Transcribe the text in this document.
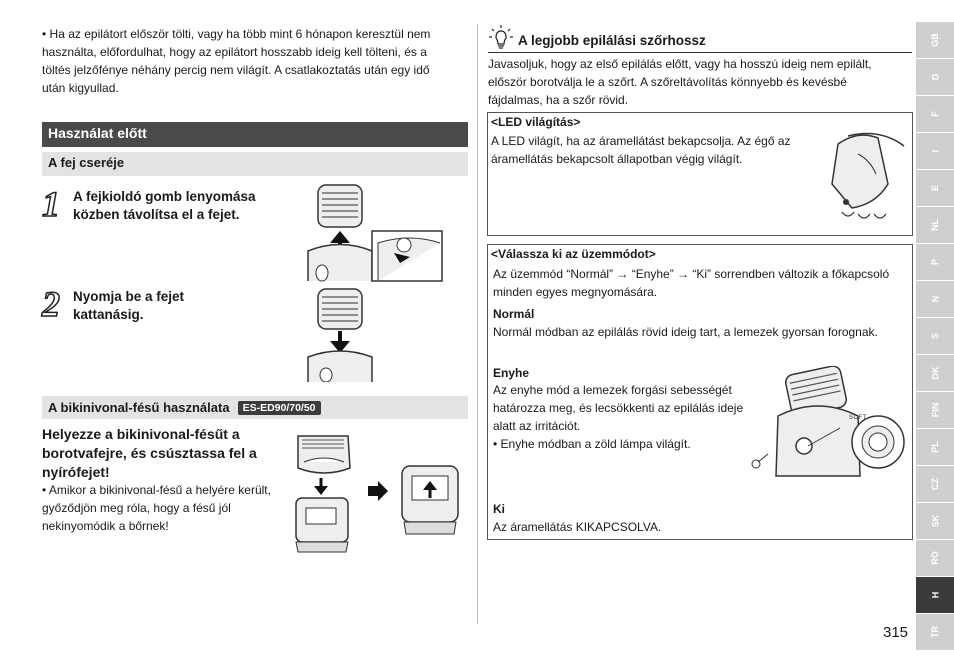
• Ha az epilátort először tölti, vagy ha több mint 6 hónapon keresztül nem használta, előfordulhat, hogy az epilátort hosszabb ideig kell tölteni, és a töltés jelzőfénye néhány percig nem világít. A csatlakoztatás után egy idő után kigyullad.
Használat előtt
A fej cseréje
1 A fejkioldó gomb lenyomása közben távolítsa el a fejet.
2 Nyomja be a fejet kattanásig.
A bikinivonal-fésű használata	ES-ED90/70/50
Helyezze a bikinivonal-fésűt a borotvafejre, és csúsztassa fel a nyírófejet!
• Amikor a bikinivonal-fésű a helyére került, győződjön meg róla, hogy a fésű jól nekinyomódik a bőrnek!
A legjobb epilálási szőrhossz
Javasoljuk, hogy az első epilálás előtt, vagy ha hosszú ideig nem epilált, először borotválja le a szőrt. A szőreltávolítás könnyebb és kevésbé fájdalmas, ha a szőr rövid.
<LED világítás>
A LED világít, ha az áramellátást bekapcsolja. Az égő az áramellátás bekapcsolt állapotban végig világít.
<Válassza ki az üzemmódot>
Az üzemmód “Normál” → “Enyhe” → “Ki” sorrendben változik a főkapcsoló minden egyes megnyomására.
Normál
Normál módban az epilálás rövid ideig tart, a lemezek gyorsan forognak.
Enyhe
Az enyhe mód a lemezek forgási sebességét határozza meg, és lecsökkenti az epilálás ideje alatt az irritációt.
• Enyhe módban a zöld lámpa világít.
SOFT
Ki
Az áramellátás KIKAPCSOLVA.
GB
D
F
I
E
NL
P
N
S
DK
FIN
PL
CZ
SK
RO
H
TR
315
